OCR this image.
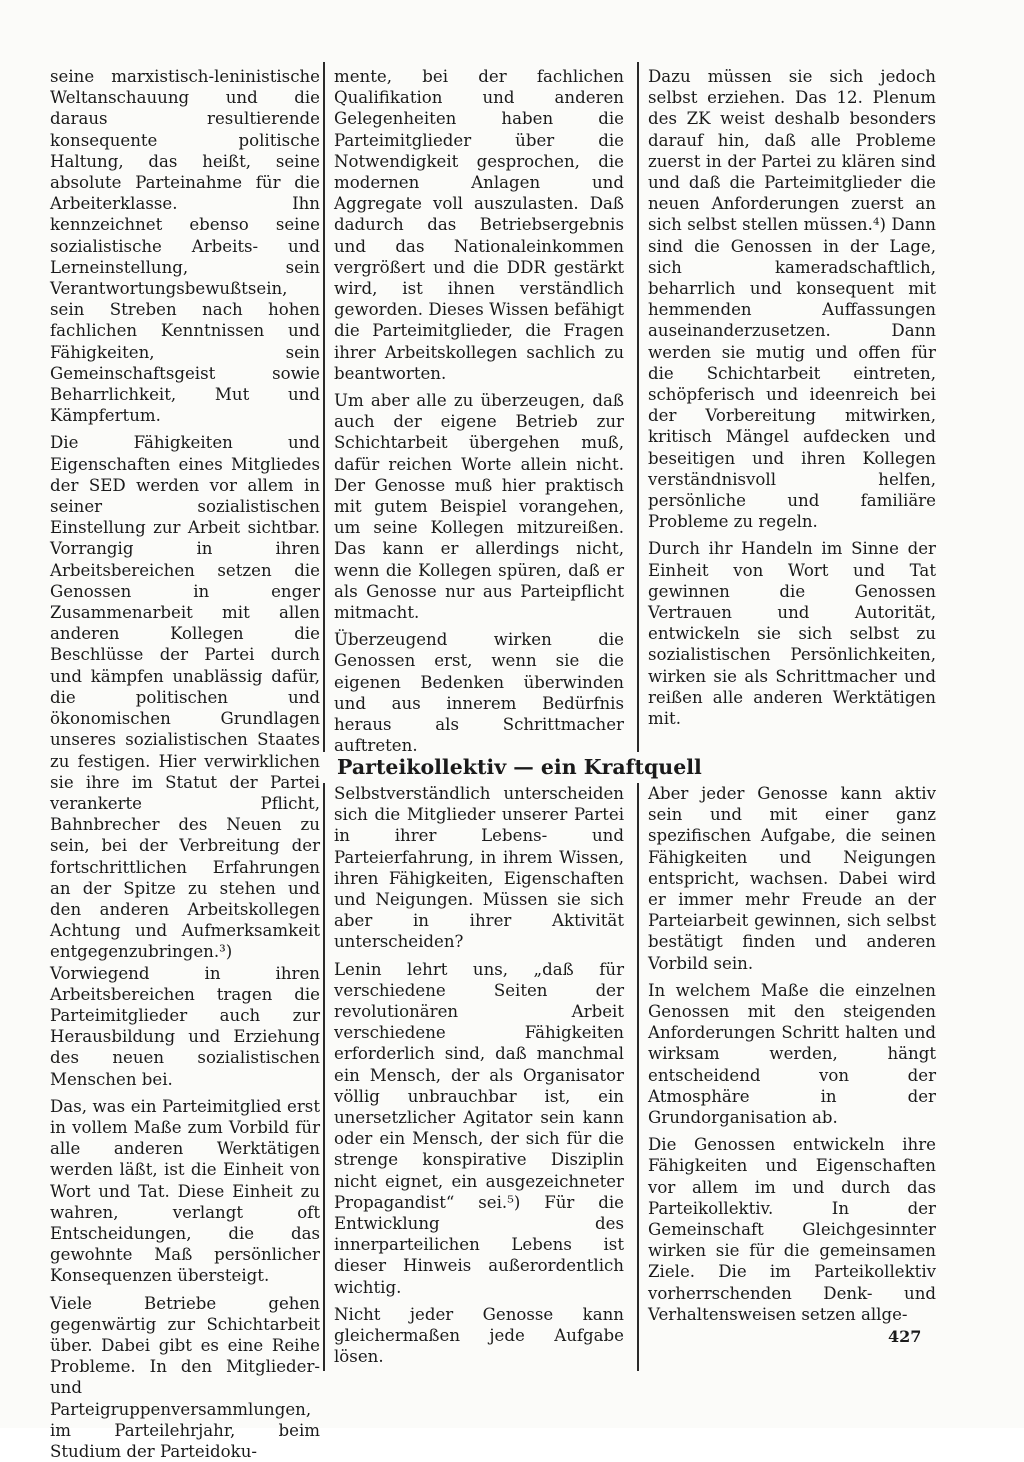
seine marxistisch-leninistische Weltanschauung und die daraus resultierende konsequente politische Haltung, das heißt, seine absolute Parteinahme für die Arbeiterklasse. Ihn kennzeichnet ebenso seine sozialistische Arbeits- und Lerneinstellung, sein Verantwortungsbewußtsein, sein Streben nach hohen fachlichen Kenntnissen und Fähigkeiten, sein Gemeinschaftsgeist sowie Beharrlichkeit, Mut und Kämpfertum.

Die Fähigkeiten und Eigenschaften eines Mitgliedes der SED werden vor allem in seiner sozialistischen Einstellung zur Arbeit sichtbar. Vorrangig in ihren Arbeitsbereichen setzen die Genossen in enger Zusammenarbeit mit allen anderen Kollegen die Beschlüsse der Partei durch und kämpfen unablässig dafür, die politischen und ökonomischen Grundlagen unseres sozialistischen Staates zu festigen. Hier verwirklichen sie ihre im Statut der Partei verankerte Pflicht, Bahnbrecher des Neuen zu sein, bei der Verbreitung der fortschrittlichen Erfahrungen an der Spitze zu stehen und den anderen Arbeitskollegen Achtung und Aufmerksamkeit entgegenzubringen.³) Vorwiegend in ihren Arbeitsbereichen tragen die Parteimitglieder auch zur Herausbildung und Erziehung des neuen sozialistischen Menschen bei.

Das, was ein Parteimitglied erst in vollem Maße zum Vorbild für alle anderen Werktätigen werden läßt, ist die Einheit von Wort und Tat. Diese Einheit zu wahren, verlangt oft Entscheidungen, die das gewohnte Maß persönlicher Konsequenzen übersteigt.

Viele Betriebe gehen gegenwärtig zur Schichtarbeit über. Dabei gibt es eine Reihe Probleme. In den Mitglieder- und Parteigruppenversammlungen, im Parteilehrjahr, beim Studium der Parteidoku-

mente, bei der fachlichen Qualifikation und anderen Gelegenheiten haben die Parteimitglieder über die Notwendigkeit gesprochen, die modernen Anlagen und Aggregate voll auszulasten. Daß dadurch das Betriebsergebnis und das Nationaleinkommen vergrößert und die DDR gestärkt wird, ist ihnen verständlich geworden. Dieses Wissen befähigt die Parteimitglieder, die Fragen ihrer Arbeitskollegen sachlich zu beantworten.

Um aber alle zu überzeugen, daß auch der eigene Betrieb zur Schichtarbeit übergehen muß, dafür reichen Worte allein nicht. Der Genosse muß hier praktisch mit gutem Beispiel vorangehen, um seine Kollegen mitzureißen. Das kann er allerdings nicht, wenn die Kollegen spüren, daß er als Genosse nur aus Parteipflicht mitmacht.

Überzeugend wirken die Genossen erst, wenn sie die eigenen Bedenken überwinden und aus innerem Bedürfnis heraus als Schrittmacher auftreten.

Dazu müssen sie sich jedoch selbst erziehen. Das 12. Plenum des ZK weist deshalb besonders darauf hin, daß alle Probleme zuerst in der Partei zu klären sind und daß die Parteimitglieder die neuen Anforderungen zuerst an sich selbst stellen müssen.⁴) Dann sind die Genossen in der Lage, sich kameradschaftlich, beharrlich und konsequent mit hemmenden Auffassungen auseinanderzusetzen. Dann werden sie mutig und offen für die Schichtarbeit eintreten, schöpferisch und ideenreich bei der Vorbereitung mitwirken, kritisch Mängel aufdecken und beseitigen und ihren Kollegen verständnisvoll helfen, persönliche und familiäre Probleme zu regeln.

Durch ihr Handeln im Sinne der Einheit von Wort und Tat gewinnen die Genossen Vertrauen und Autorität, entwickeln sie sich selbst zu sozialistischen Persönlichkeiten, wirken sie als Schrittmacher und reißen alle anderen Werktätigen mit.

Parteikollektiv — ein Kraftquell

Selbstverständlich unterscheiden sich die Mitglieder unserer Partei in ihrer Lebens- und Parteierfahrung, in ihrem Wissen, ihren Fähigkeiten, Eigenschaften und Neigungen. Müssen sie sich aber in ihrer Aktivität unterscheiden?

Lenin lehrt uns, „daß für verschiedene Seiten der revolutionären Arbeit verschiedene Fähigkeiten erforderlich sind, daß manchmal ein Mensch, der als Organisator völlig unbrauchbar ist, ein unersetzlicher Agitator sein kann oder ein Mensch, der sich für die strenge konspirative Disziplin nicht eignet, ein ausgezeichneter Propagandist“ sei.⁵) Für die Entwicklung des innerparteilichen Lebens ist dieser Hinweis außerordentlich wichtig.

Nicht jeder Genosse kann gleichermaßen jede Aufgabe lösen.

Aber jeder Genosse kann aktiv sein und mit einer ganz spezifischen Aufgabe, die seinen Fähigkeiten und Neigungen entspricht, wachsen. Dabei wird er immer mehr Freude an der Parteiarbeit gewinnen, sich selbst bestätigt finden und anderen Vorbild sein.

In welchem Maße die einzelnen Genossen mit den steigenden Anforderungen Schritt halten und wirksam werden, hängt entscheidend von der Atmosphäre in der Grundorganisation ab.

Die Genossen entwickeln ihre Fähigkeiten und Eigenschaften vor allem im und durch das Parteikollektiv. In der Gemeinschaft Gleichgesinnter wirken sie für die gemeinsamen Ziele. Die im Parteikollektiv vorherrschenden Denk- und Verhaltensweisen setzen allge-

427
